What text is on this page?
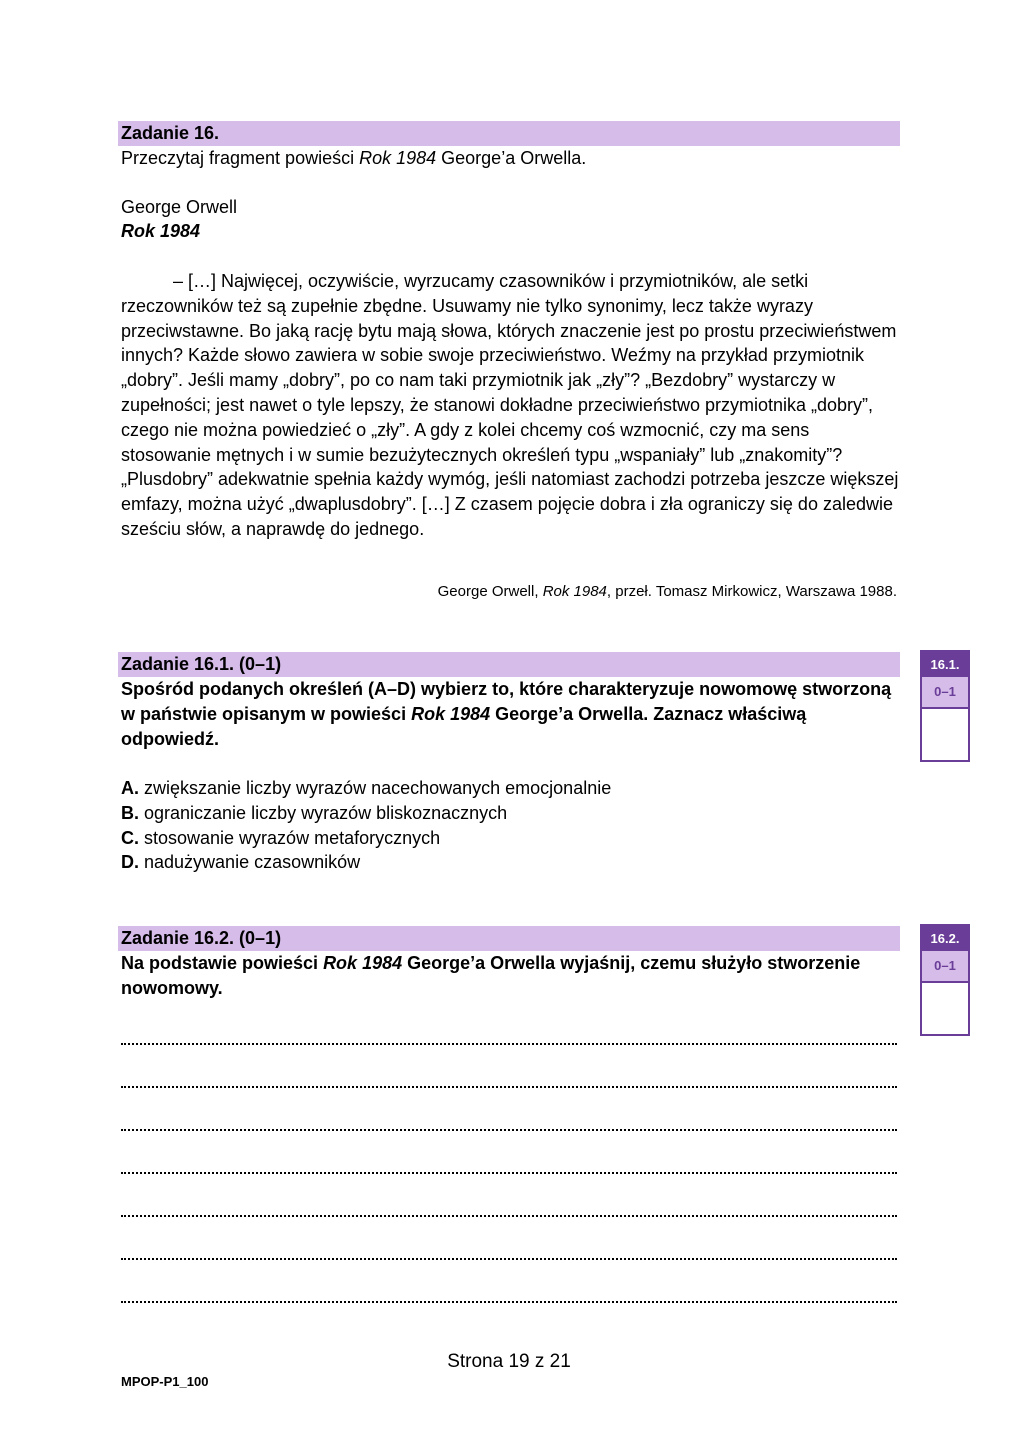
Zadanie 16.
Przeczytaj fragment powieści Rok 1984 George’a Orwella.
George Orwell
Rok 1984

– […] Najwięcej, oczywiście, wyrzucamy czasowników i przymiotników, ale setki rzeczowników też są zupełnie zbędne. Usuwamy nie tylko synonimy, lecz także wyrazy przeciwstawne. Bo jaką rację bytu mają słowa, których znaczenie jest po prostu przeciwieństwem innych? Każde słowo zawiera w sobie swoje przeciwieństwo. Weźmy na przykład przymiotnik „dobry”. Jeśli mamy „dobry”, po co nam taki przymiotnik jak „zły”? „Bezdobry” wystarczy w zupełności; jest nawet o tyle lepszy, że stanowi dokładne przeciwieństwo przymiotnika „dobry”, czego nie można powiedzieć o „zły”. A gdy z kolei chcemy coś wzmocnić, czy ma sens stosowanie mętnych i w sumie bezużytecznych określeń typu „wspaniały” lub „znakomity”? „Plusdobry” adekwatnie spełnia każdy wymóg, jeśli natomiast zachodzi potrzeba jeszcze większej emfazy, można użyć „dwaplusdobry”. […] Z czasem pojęcie dobra i zła ograniczy się do zaledwie sześciu słów, a naprawdę do jednego.

George Orwell, Rok 1984, przeł. Tomasz Mirkowicz, Warszawa 1988.
Zadanie 16.1. (0–1)
Spośród podanych określeń (A–D) wybierz to, które charakteryzuje nowomowę stworzoną w państwie opisanym w powieści Rok 1984 George’a Orwella. Zaznacz właściwą odpowiedź.
A. zwiększanie liczby wyrazów nacechowanych emocjonalnie
B. ograniczanie liczby wyrazów bliskoznacznych
C. stosowanie wyrazów metaforycznych
D. nadużywanie czasowników
16.1.
0–1
Zadanie 16.2. (0–1)
Na podstawie powieści Rok 1984 George’a Orwella wyjaśnij, czemu służyło stworzenie nowomowy.
16.2.
0–1
Strona 19 z 21
MPOP-P1_100
